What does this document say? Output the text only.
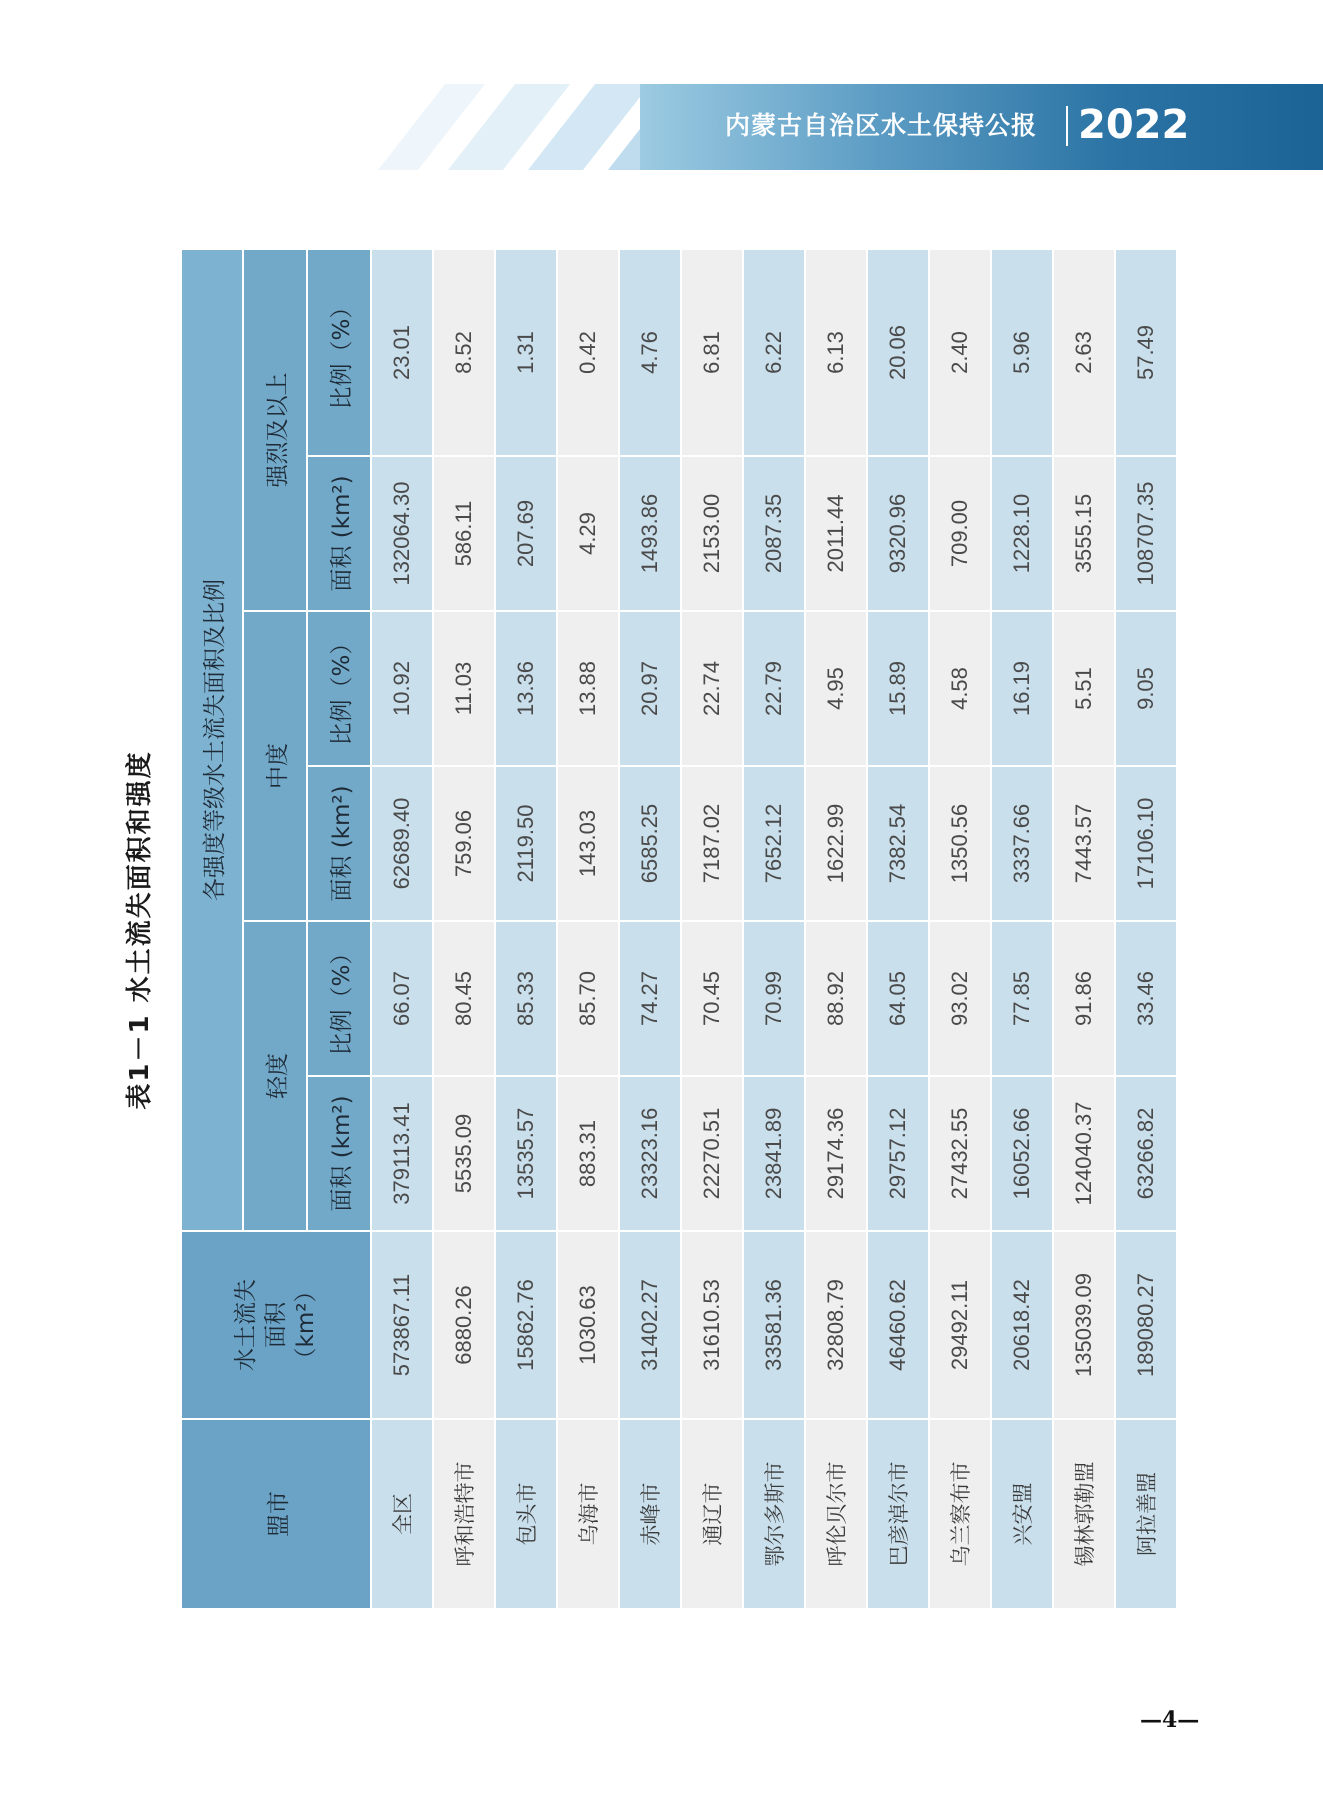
内蒙古自治区水土保持公报 2022
表1－1 水土流失面积和强度
盟市	水土流失 面积 （km²）	各强度等级水土流失面积及比例					
		轻度		中度		强烈及以上	
		面积 (km²)	比例（%）	面积 (km²)	比例（%）	面积 (km²)	比例（%）
全区	573867.11	379113.41	66.07	62689.40	10.92	132064.30	23.01
呼和浩特市	6880.26	5535.09	80.45	759.06	11.03	586.11	8.52
包头市	15862.76	13535.57	85.33	2119.50	13.36	207.69	1.31
乌海市	1030.63	883.31	85.70	143.03	13.88	4.29	0.42
赤峰市	31402.27	23323.16	74.27	6585.25	20.97	1493.86	4.76
通辽市	31610.53	22270.51	70.45	7187.02	22.74	2153.00	6.81
鄂尔多斯市	33581.36	23841.89	70.99	7652.12	22.79	2087.35	6.22
呼伦贝尔市	32808.79	29174.36	88.92	1622.99	4.95	2011.44	6.13
巴彦淖尔市	46460.62	29757.12	64.05	7382.54	15.89	9320.96	20.06
乌兰察布市	29492.11	27432.55	93.02	1350.56	4.58	709.00	2.40
兴安盟	20618.42	16052.66	77.85	3337.66	16.19	1228.10	5.96
锡林郭勒盟	135039.09	124040.37	91.86	7443.57	5.51	3555.15	2.63
阿拉善盟	189080.27	63266.82	33.46	17106.10	9.05	108707.35	57.49
—4—
